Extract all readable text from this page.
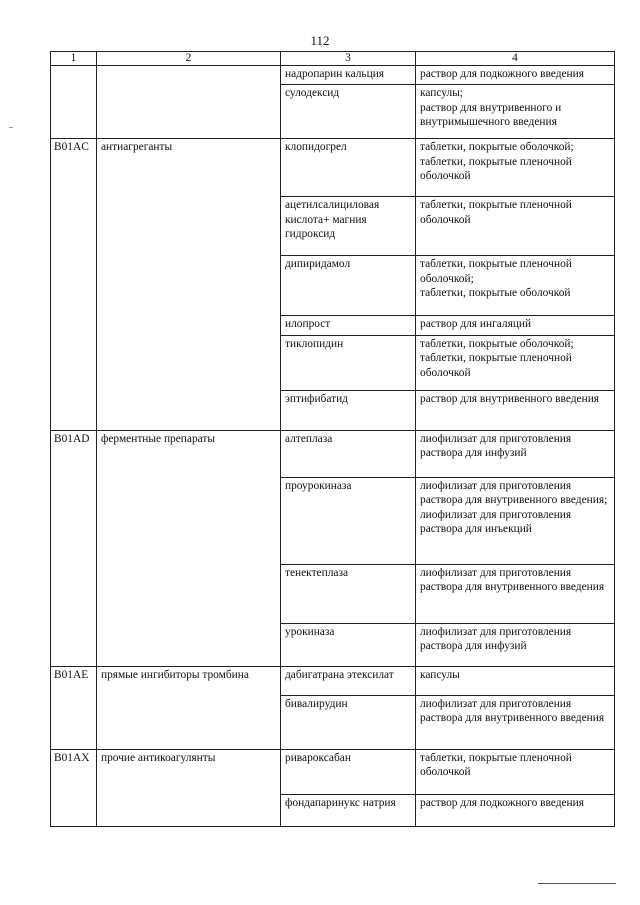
112
1	2	3	4
		надропарин кальция	раствор для подкожного введения
		сулодексид	капсулы;
раствор для внутривенного и внутримышечного введения
B01AC	антиагреганты	клопидогрел	таблетки, покрытые оболочкой;
таблетки, покрытые пленочной оболочкой
		ацетилсалициловая кислота+ магния гидроксид	таблетки, покрытые пленочной оболочкой
		дипиридамол	таблетки, покрытые пленочной оболочкой;
таблетки, покрытые оболочкой
		илопрост	раствор для ингаляций
		тиклопидин	таблетки, покрытые оболочкой;
таблетки, покрытые пленочной оболочкой
		эптифибатид	раствор для внутривенного введения
B01AD	ферментные препараты	алтеплаза	лиофилизат для приготовления раствора для инфузий
		проурокиназа	лиофилизат для приготовления раствора для внутривенного введения;
лиофилизат для приготовления раствора для инъекций
		тенектеплаза	лиофилизат для приготовления раствора для внутривенного введения
		урокиназа	лиофилизат для приготовления раствора для инфузий
B01AE	прямые ингибиторы тромбина	дабигатрана этексилат	капсулы
		бивалирудин	лиофилизат для приготовления раствора для внутривенного введения
B01AX	прочие антикоагулянты	ривароксабан	таблетки, покрытые пленочной оболочкой
		фондапаринукс натрия	раствор для подкожного введения
